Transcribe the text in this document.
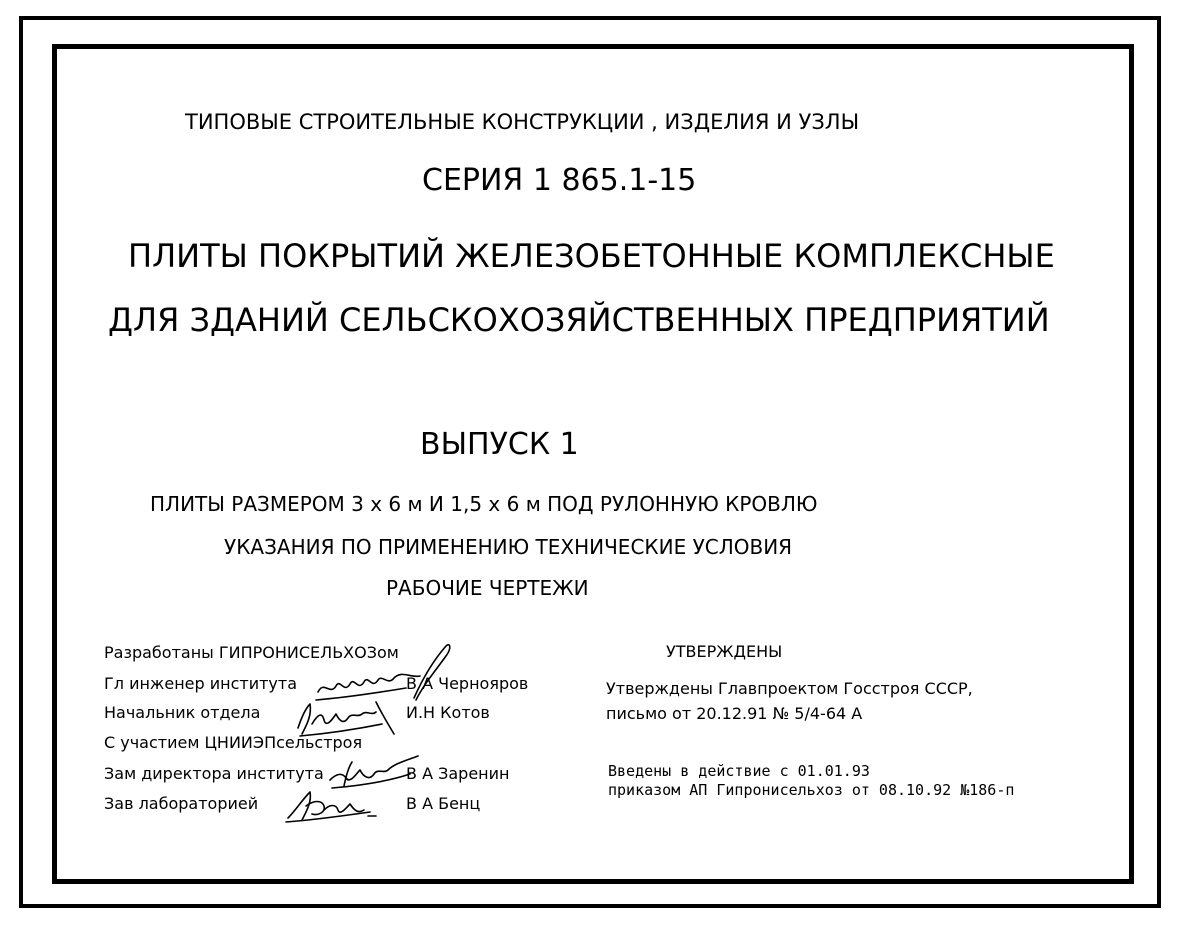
ТИПОВЫЕ СТРОИТЕЛЬНЫЕ КОНСТРУКЦИИ , ИЗДЕЛИЯ И УЗЛЫ
СЕРИЯ 1 865.1-15
ПЛИТЫ ПОКРЫТИЙ ЖЕЛЕЗОБЕТОННЫЕ КОМПЛЕКСНЫЕ
ДЛЯ ЗДАНИЙ СЕЛЬСКОХОЗЯЙСТВЕННЫХ ПРЕДПРИЯТИЙ
ВЫПУСК 1
ПЛИТЫ РАЗМЕРОМ 3 х 6 м И 1,5 х 6 м ПОД РУЛОННУЮ КРОВЛЮ
УКАЗАНИЯ ПО ПРИМЕНЕНИЮ ТЕХНИЧЕСКИЕ УСЛОВИЯ
РАБОЧИЕ ЧЕРТЕЖИ
Разработаны ГИПРОНИСЕЛЬХОЗом
Гл инженер института	В А Чернояров
Начальник отдела	И.Н Котов
С участием ЦНИИЭПсельстроя
Зам директора института	В А Заренин
Зав лабораторией	В А Бенц
УТВЕРЖДЕНЫ
Утверждены Главпроектом Госстроя СССР,
письмо от 20.12.91 № 5/4-64 А
Введены в действие с 01.01.93
приказом АП Гипронисельхоз от 08.10.92 №186-п
